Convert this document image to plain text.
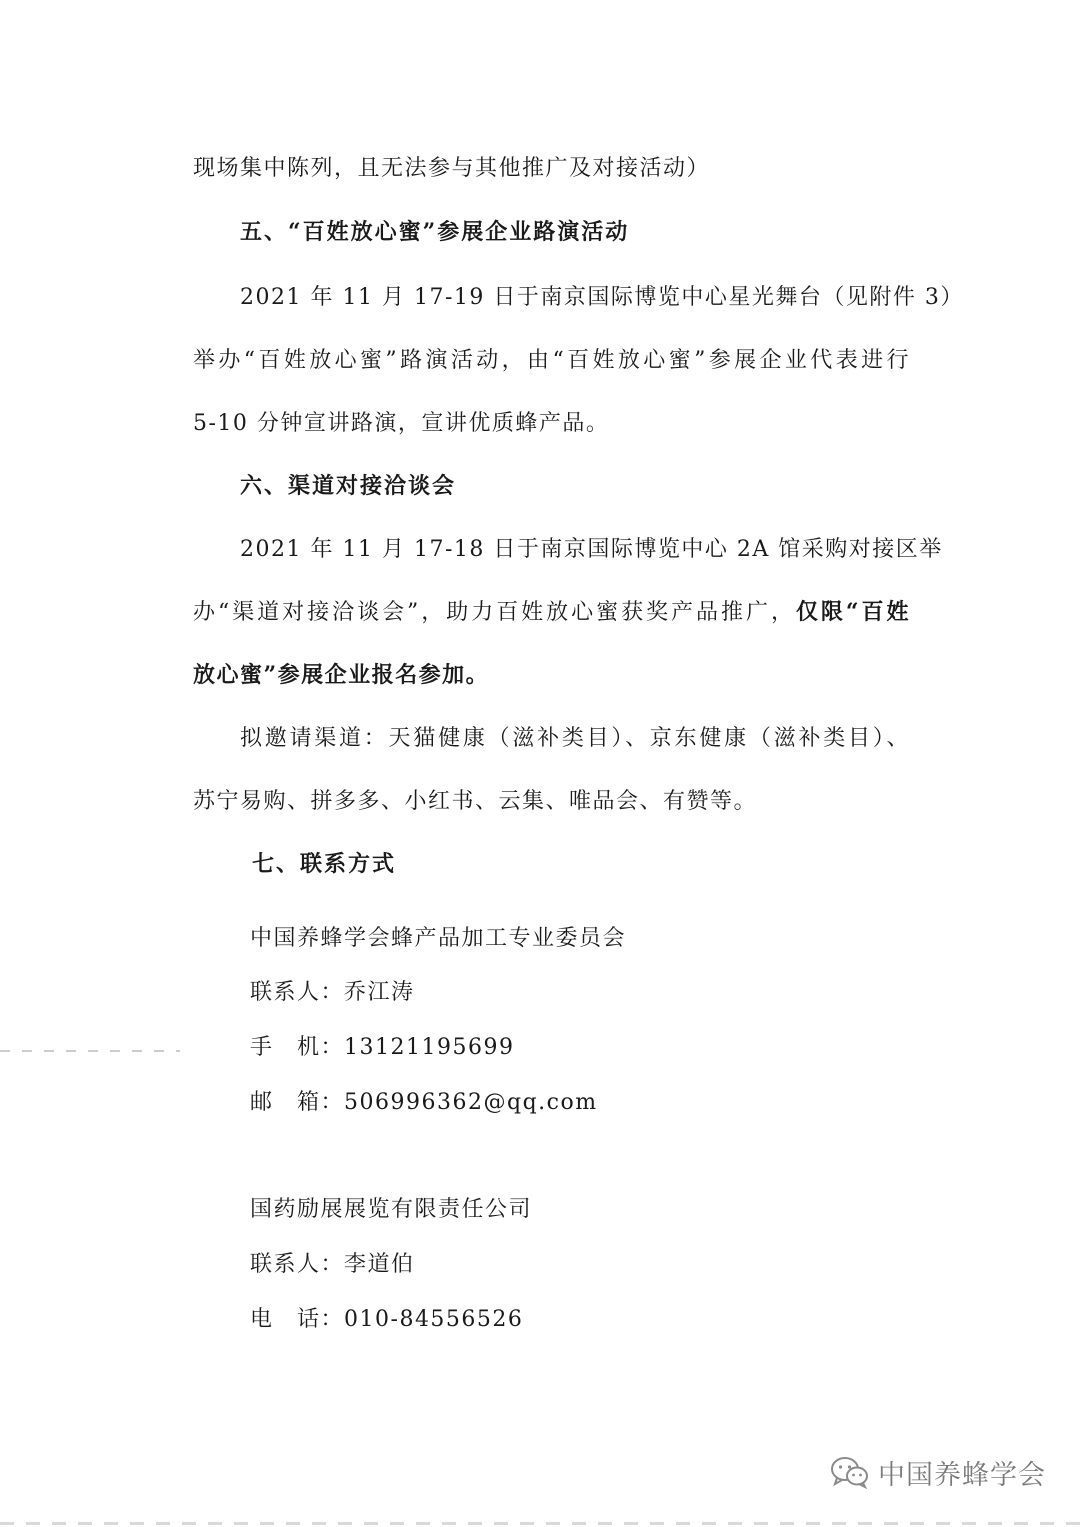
现场集中陈列，且无法参与其他推广及对接活动）
五、“百姓放心蜜”参展企业路演活动
2021 年 11 月 17-19 日于南京国际博览中心星光舞台（见附件 3）
举办“百姓放心蜜”路演活动，由“百姓放心蜜”参展企业代表进行
5-10 分钟宣讲路演，宣讲优质蜂产品。
六、渠道对接洽谈会
2021 年 11 月 17-18 日于南京国际博览中心 2A 馆采购对接区举
办“渠道对接洽谈会”，助力百姓放心蜜获奖产品推广，仅限“百姓
放心蜜”参展企业报名参加。
拟邀请渠道：天猫健康（滋补类目）、京东健康（滋补类目）、
苏宁易购、拼多多、小红书、云集、唯品会、有赞等。
七、联系方式
中国养蜂学会蜂产品加工专业委员会
联系人：乔江涛
手　机：13121195699
邮　箱：506996362@qq.com
国药励展展览有限责任公司
联系人：李道伯
电　话：010-84556526
中国养蜂学会
